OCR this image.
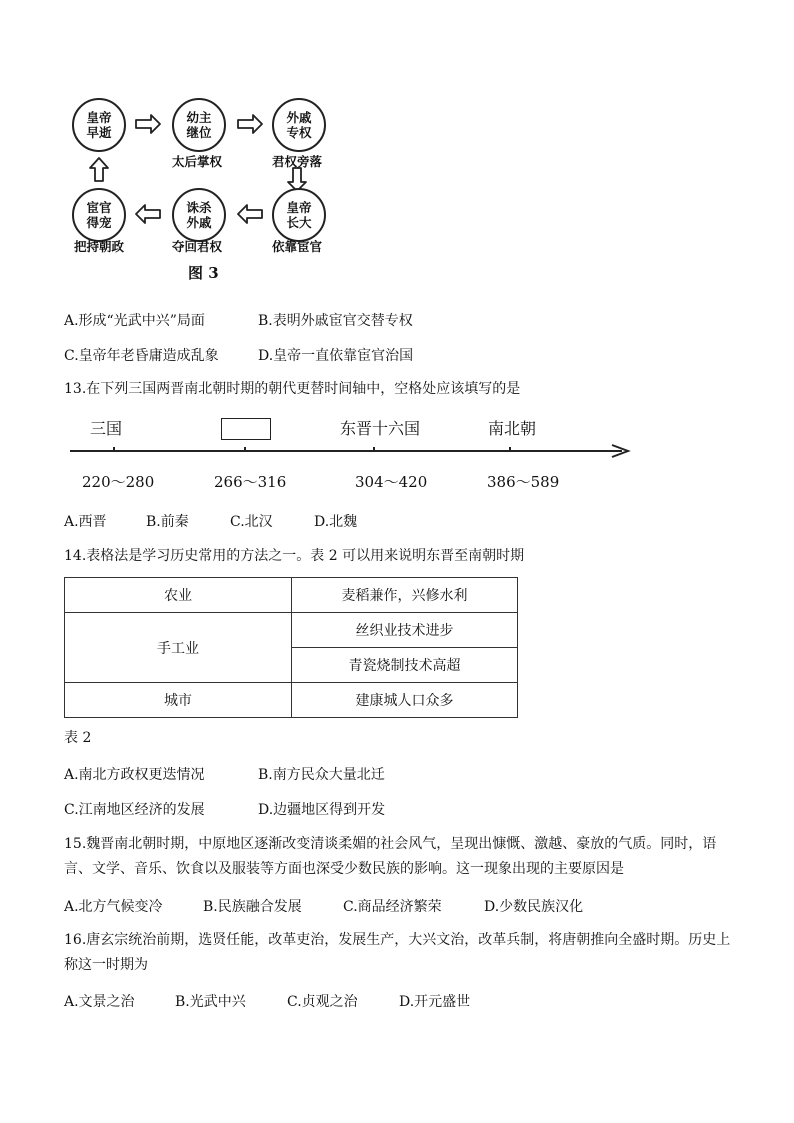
皇帝
早逝
幼主
继位
太后掌权
外戚
专权
君权旁落
皇帝
长大
依靠宦官
诛杀
外戚
夺回君权
宦官
得宠
把持朝政
图 3
A.形成“光武中兴”局面	B.表明外戚宦官交替专权
C.皇帝年老昏庸造成乱象	D.皇帝一直依靠宦官治国
13.在下列三国两晋南北朝时期的朝代更替时间轴中，空格处应该填写的是
三国	东晋十六国	南北朝
220～280	266～316	304～420	386～589
A.西晋	B.前秦	C.北汉	D.北魏
14.表格法是学习历史常用的方法之一。表 2 可以用来说明东晋至南朝时期
农业	麦稻兼作，兴修水利
手工业	丝织业技术进步
	青瓷烧制技术高超
城市	建康城人口众多
表 2
A.南北方政权更迭情况	B.南方民众大量北迁
C.江南地区经济的发展	D.边疆地区得到开发
15.魏晋南北朝时期，中原地区逐渐改变清谈柔媚的社会风气，呈现出慷慨、激越、豪放的气质。同时，语
言、文学、音乐、饮食以及服装等方面也深受少数民族的影响。这一现象出现的主要原因是
A.北方气候变冷	B.民族融合发展	C.商品经济繁荣	D.少数民族汉化
16.唐玄宗统治前期，选贤任能，改革吏治，发展生产，大兴文治，改革兵制，将唐朝推向全盛时期。历史上
称这一时期为
A.文景之治	B.光武中兴	C.贞观之治	D.开元盛世
